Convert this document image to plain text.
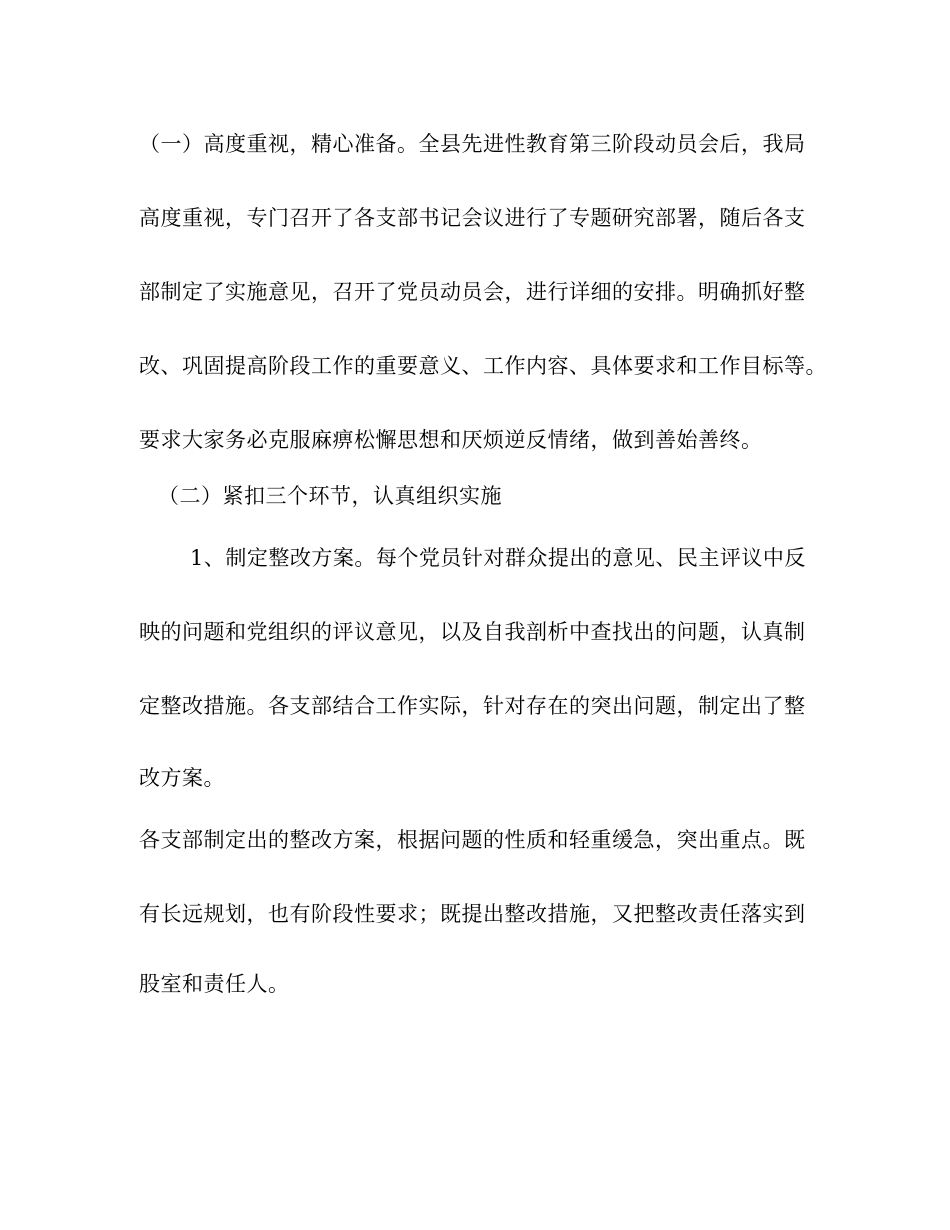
（一）高度重视，精心准备。全县先进性教育第三阶段动员会后，我局
高度重视，专门召开了各支部书记会议进行了专题研究部署，随后各支
部制定了实施意见，召开了党员动员会，进行详细的安排。明确抓好整
改、巩固提高阶段工作的重要意义、工作内容、具体要求和工作目标等。
要求大家务必克服麻痹松懈思想和厌烦逆反情绪，做到善始善终。
（二）紧扣三个环节，认真组织实施
1、制定整改方案。每个党员针对群众提出的意见、民主评议中反
映的问题和党组织的评议意见，以及自我剖析中查找出的问题，认真制
定整改措施。各支部结合工作实际，针对存在的突出问题，制定出了整
改方案。
各支部制定出的整改方案，根据问题的性质和轻重缓急，突出重点。既
有长远规划，也有阶段性要求；既提出整改措施，又把整改责任落实到
股室和责任人。
